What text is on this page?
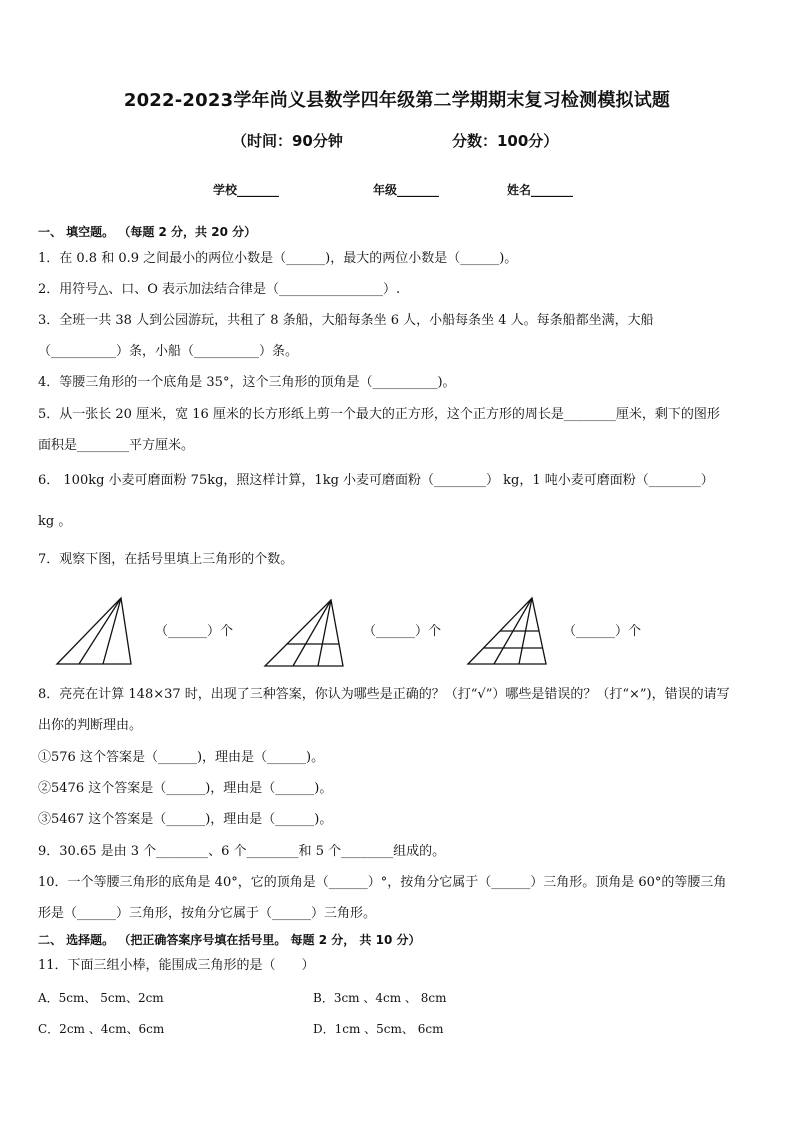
2022-2023学年尚义县数学四年级第二学期期末复习检测模拟试题
（时间：90分钟	分数：100分）
学校_______	年级_______	姓名_______
一、 填空题。 （每题 2 分，共 20 分）
1．在 0.8 和 0.9 之间最小的两位小数是（______)，最大的两位小数是（______)。
2．用符号△、口、O 表示加法结合律是（________________）.
3．全班一共 38 人到公园游玩，共租了 8 条船，大船每条坐 6 人，小船每条坐 4 人。每条船都坐满，大船
（__________）条，小船（__________）条。
4．等腰三角形的一个底角是 35°，这个三角形的顶角是（__________)。
5．从一张长 20 厘米，宽 16 厘米的长方形纸上剪一个最大的正方形，这个正方形的周长是________厘米，剩下的图形
面积是________平方厘米。
6． 100kg 小麦可磨面粉 75kg，照这样计算，1kg 小麦可磨面粉（________） kg，1 吨小麦可磨面粉（________）
kg 。
7．观察下图，在括号里填上三角形的个数。
（______）个	（______）个	（______）个
8．亮亮在计算 148×37 时，出现了三种答案，你认为哪些是正确的？（打“√”）哪些是错误的？（打“×”)，错误的请写
出你的判断理由。
①576 这个答案是（______)，理由是（______)。
②5476 这个答案是（______)，理由是（______)。
③5467 这个答案是（______)，理由是（______)。
9．30.65 是由 3 个________、6 个________和 5 个________组成的。
10．一个等腰三角形的底角是 40°，它的顶角是（______）°，按角分它属于（______）三角形。顶角是 60°的等腰三角
形是（______）三角形，按角分它属于（______）三角形。
二、 选择题。 （把正确答案序号填在括号里。 每题 2 分， 共 10 分）
11．下面三组小棒，能围成三角形的是（　　）
A．5cm、 5cm、2cm	B．3cm 、4cm 、 8cm
C．2cm 、4cm、6cm	D．1cm 、5cm、 6cm
